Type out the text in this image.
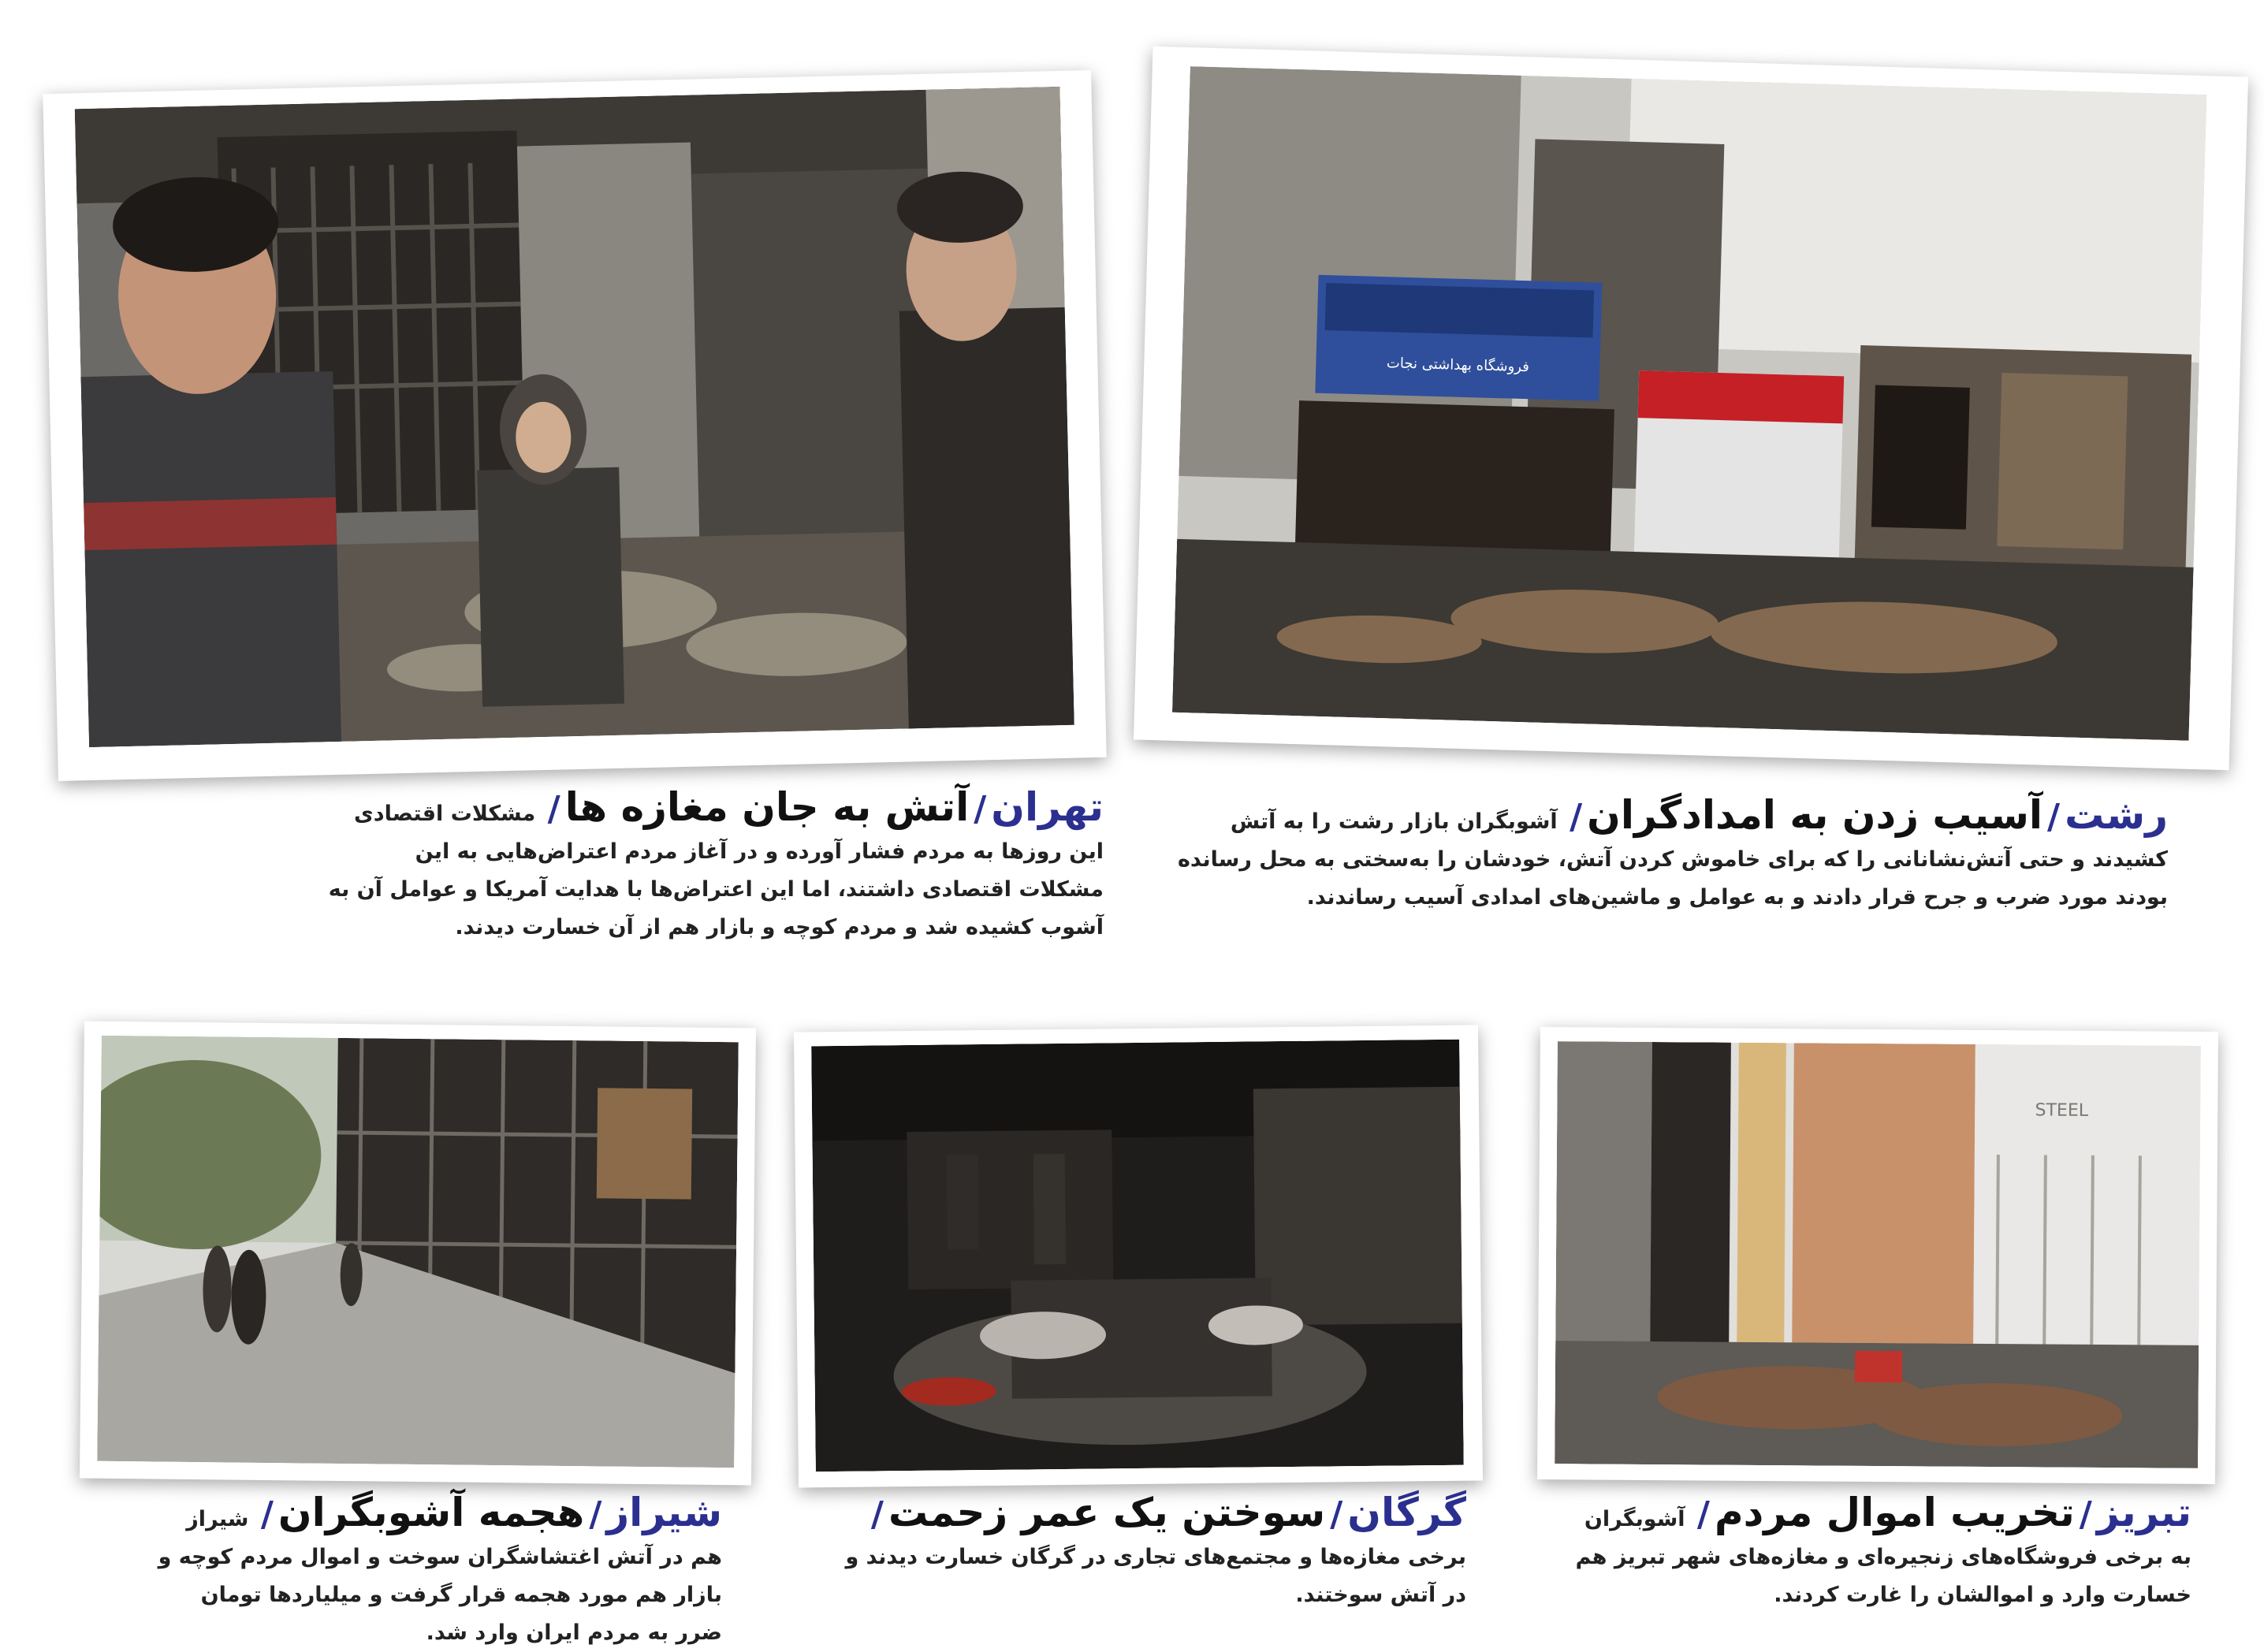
فروشگاه بهداشتی نجات
تهران/آتش به جان مغازه ها/ مشکلات اقتصادی این روزها به مردم فشار آورده و در آغاز مردم اعتراض‌هایی به این مشکلات اقتصادی داشتند، اما این اعتراض‌ها با هدایت آمریکا و عوامل آن به آشوب کشیده شد و مردم کوچه و بازار هم از آن خسارت دیدند.
رشت/آسیب زدن به امدادگران/ آشوبگران بازار رشت را به آتش کشیدند و حتی آتش‌نشانانی را که برای خاموش کردن آتش، خودشان را به‌سختی به محل رسانده بودند مورد ضرب و جرح قرار دادند و به عوامل و ماشین‌های امدادی آسیب رساندند.
STEEL
شیراز/هجمه آشوبگران/ شیراز هم در آتش اغتشاشگران سوخت و اموال مردم کوچه و بازار هم مورد هجمه قرار گرفت و میلیاردها تومان ضرر به مردم ایران وارد شد.
گرگان/سوختن یک عمر زحمت/ برخی مغازه‌ها و مجتمع‌های تجاری در گرگان خسارت دیدند و در آتش سوختند.
تبریز/تخریب اموال مردم/ آشوبگران به برخی فروشگاه‌های زنجیره‌ای و مغازه‌های شهر تبریز هم خسارت وارد و اموالشان را غارت کردند.
